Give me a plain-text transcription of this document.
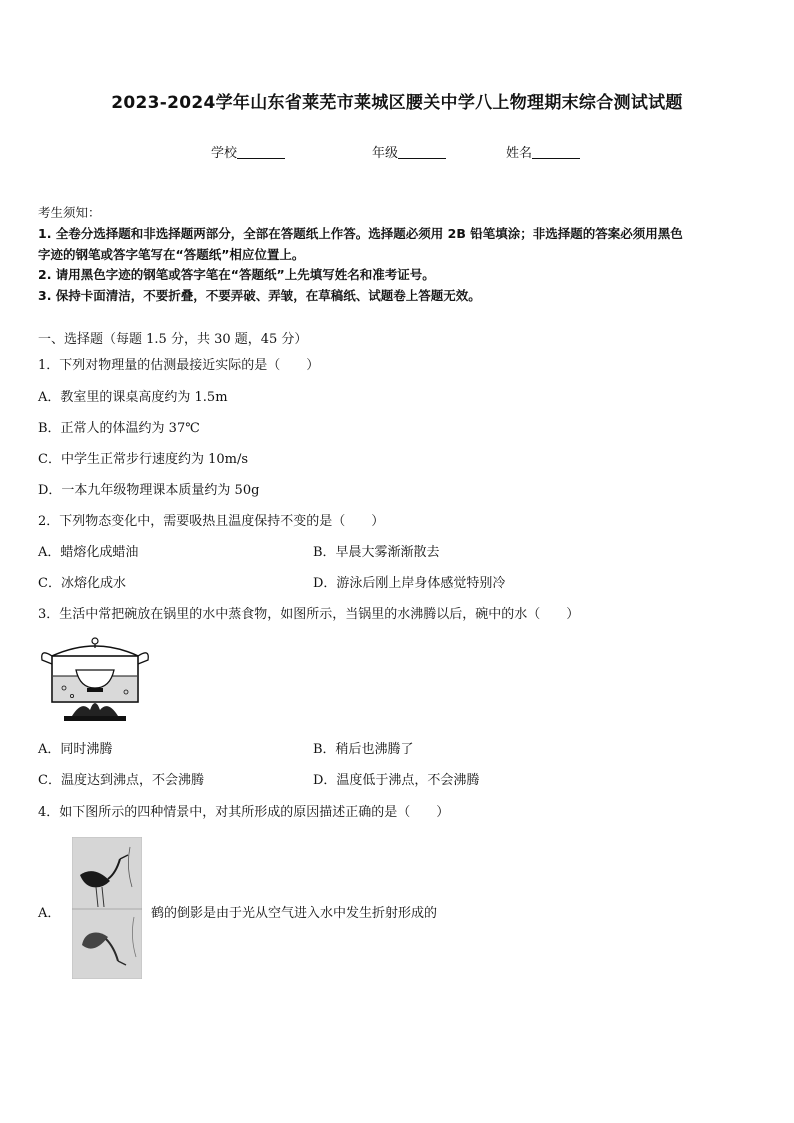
2023-2024学年山东省莱芜市莱城区腰关中学八上物理期末综合测试试题
学校	年级	姓名
考生须知：
1. 全卷分选择题和非选择题两部分，全部在答题纸上作答。选择题必须用 2B 铅笔填涂；非选择题的答案必须用黑色
字迹的钢笔或答字笔写在“答题纸”相应位置上。
2. 请用黑色字迹的钢笔或答字笔在“答题纸”上先填写姓名和准考证号。
3. 保持卡面清洁，不要折叠，不要弄破、弄皱，在草稿纸、试题卷上答题无效。
一、选择题（每题 1.5 分，共 30 题，45 分）
1．下列对物理量的估测最接近实际的是（　　）
A．教室里的课桌高度约为 1.5m
B．正常人的体温约为 37℃
C．中学生正常步行速度约为 10m/s
D．一本九年级物理课本质量约为 50g
2．下列物态变化中，需要吸热且温度保持不变的是（　　）
A．蜡熔化成蜡油	B．早晨大雾渐渐散去
C．冰熔化成水	D．游泳后刚上岸身体感觉特别冷
3．生活中常把碗放在锅里的水中蒸食物，如图所示，当锅里的水沸腾以后，碗中的水（　　）
A．同时沸腾	B．稍后也沸腾了
C．温度达到沸点，不会沸腾	D．温度低于沸点，不会沸腾
4．如下图所示的四种情景中，对其所形成的原因描述正确的是（　　）
A．	鹤的倒影是由于光从空气进入水中发生折射形成的
